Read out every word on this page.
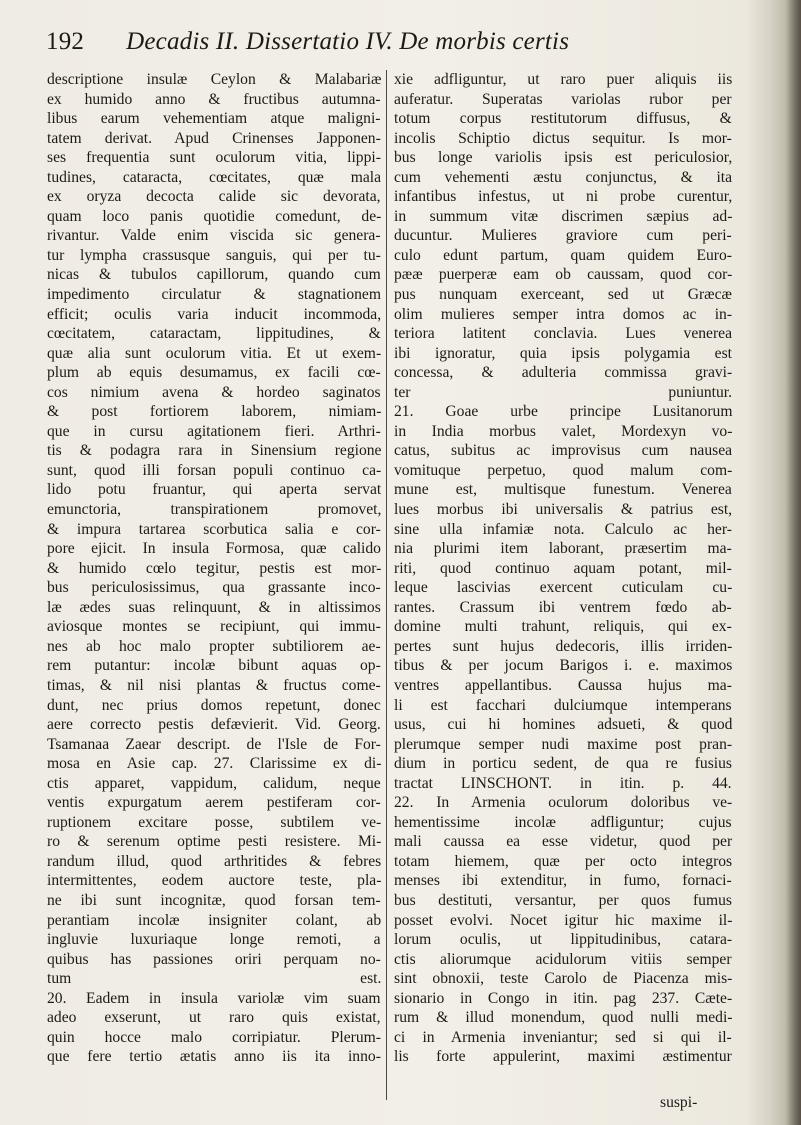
192 Decadis II. Dissertatio IV. De morbis certis
descriptione insulæ Ceylon & Malabariæ
ex humido anno & fructibus autumna-
libus earum vehementiam atque maligni-
tatem derivat. Apud Crinenses Japponen-
ses frequentia sunt oculorum vitia, lippi-
tudines, cataracta, cœcitates, quæ mala
ex oryza decocta calide sic devorata,
quam loco panis quotidie comedunt, de-
rivantur. Valde enim viscida sic genera-
tur lympha crassusque sanguis, qui per tu-
nicas & tubulos capillorum, quando cum
impedimento circulatur & stagnationem
efficit; oculis varia inducit incommoda,
cœcitatem, cataractam, lippitudines, &
quæ alia sunt oculorum vitia. Et ut exem-
plum ab equis desumamus, ex facili cœ-
cos nimium avena & hordeo saginatos
& post fortiorem laborem, nimiam-
que in cursu agitationem fieri. Arthri-
tis & podagra rara in Sinensium regione
sunt, quod illi forsan populi continuo ca-
lido potu fruantur, qui aperta servat
emunctoria, transpirationem promovet,
& impura tartarea scorbutica salia e cor-
pore ejicit. In insula Formosa, quæ calido
& humido cœlo tegitur, pestis est mor-
bus periculosissimus, qua grassante inco-
læ ædes suas relinquunt, & in altissimos
aviosque montes se recipiunt, qui immu-
nes ab hoc malo propter subtiliorem ae-
rem putantur: incolæ bibunt aquas op-
timas, & nil nisi plantas & fructus come-
dunt, nec prius domos repetunt, donec
aere correcto pestis defævierit. Vid. Georg.
Tsamanaa Zaear descript. de l'Isle de For-
mosa en Asie cap. 27. Clarissime ex di-
ctis apparet, vappidum, calidum, neque
ventis expurgatum aerem pestiferam cor-
ruptionem excitare posse, subtilem ve-
ro & serenum optime pesti resistere. Mi-
randum illud, quod arthritides & febres
intermittentes, eodem auctore teste, pla-
ne ibi sunt incognitæ, quod forsan tem-
perantiam incolæ insigniter colant, ab
ingluvie luxuriaque longe remoti, a
quibus has passiones oriri perquam no-
tum est.
20. Eadem in insula variolæ vim suam
adeo exserunt, ut raro quis existat,
quin hocce malo corripiatur. Plerum-
que fere tertio ætatis anno iis ita inno-
xie adfliguntur, ut raro puer aliquis iis
auferatur. Superatas variolas rubor per
totum corpus restitutorum diffusus, &
incolis Schiptio dictus sequitur. Is mor-
bus longe variolis ipsis est periculosior,
cum vehementi æstu conjunctus, & ita
infantibus infestus, ut ni probe curentur,
in summum vitæ discrimen sæpius ad-
ducuntur. Mulieres graviore cum peri-
culo edunt partum, quam quidem Euro-
pææ puerperæ eam ob caussam, quod cor-
pus nunquam exerceant, sed ut Græcæ
olim mulieres semper intra domos ac in-
teriora latitent conclavia. Lues venerea
ibi ignoratur, quia ipsis polygamia est
concessa, & adulteria commissa gravi-
ter puniuntur.
21. Goae urbe principe Lusitanorum
in India morbus valet, Mordexyn vo-
catus, subitus ac improvisus cum nausea
vomituque perpetuo, quod malum com-
mune est, multisque funestum. Venerea
lues morbus ibi universalis & patrius est,
sine ulla infamiæ nota. Calculo ac her-
nia plurimi item laborant, præsertim ma-
riti, quod continuo aquam potant, mil-
leque lascivias exercent cuticulam cu-
rantes. Crassum ibi ventrem fœdo ab-
domine multi trahunt, reliquis, qui ex-
pertes sunt hujus dedecoris, illis irriden-
tibus & per jocum Barigos i. e. maximos
ventres appellantibus. Caussa hujus ma-
li est facchari dulciumque intemperans
usus, cui hi homines adsueti, & quod
plerumque semper nudi maxime post pran-
dium in porticu sedent, de qua re fusius
tractat LINSCHONT. in itin. p. 44.
22. In Armenia oculorum doloribus ve-
hementissime incolæ adfliguntur; cujus
mali caussa ea esse videtur, quod per
totam hiemem, quæ per octo integros
menses ibi extenditur, in fumo, fornaci-
bus destituti, versantur, per quos fumus
posset evolvi. Nocet igitur hic maxime il-
lorum oculis, ut lippitudinibus, catara-
ctis aliorumque acidulorum vitiis semper
sint obnoxii, teste Carolo de Piacenza mis-
sionario in Congo in itin. pag 237. Cæte-
rum & illud monendum, quod nulli medi-
ci in Armenia inveniantur; sed si qui il-
lis forte appulerint, maximi æstimentur
suspi-
